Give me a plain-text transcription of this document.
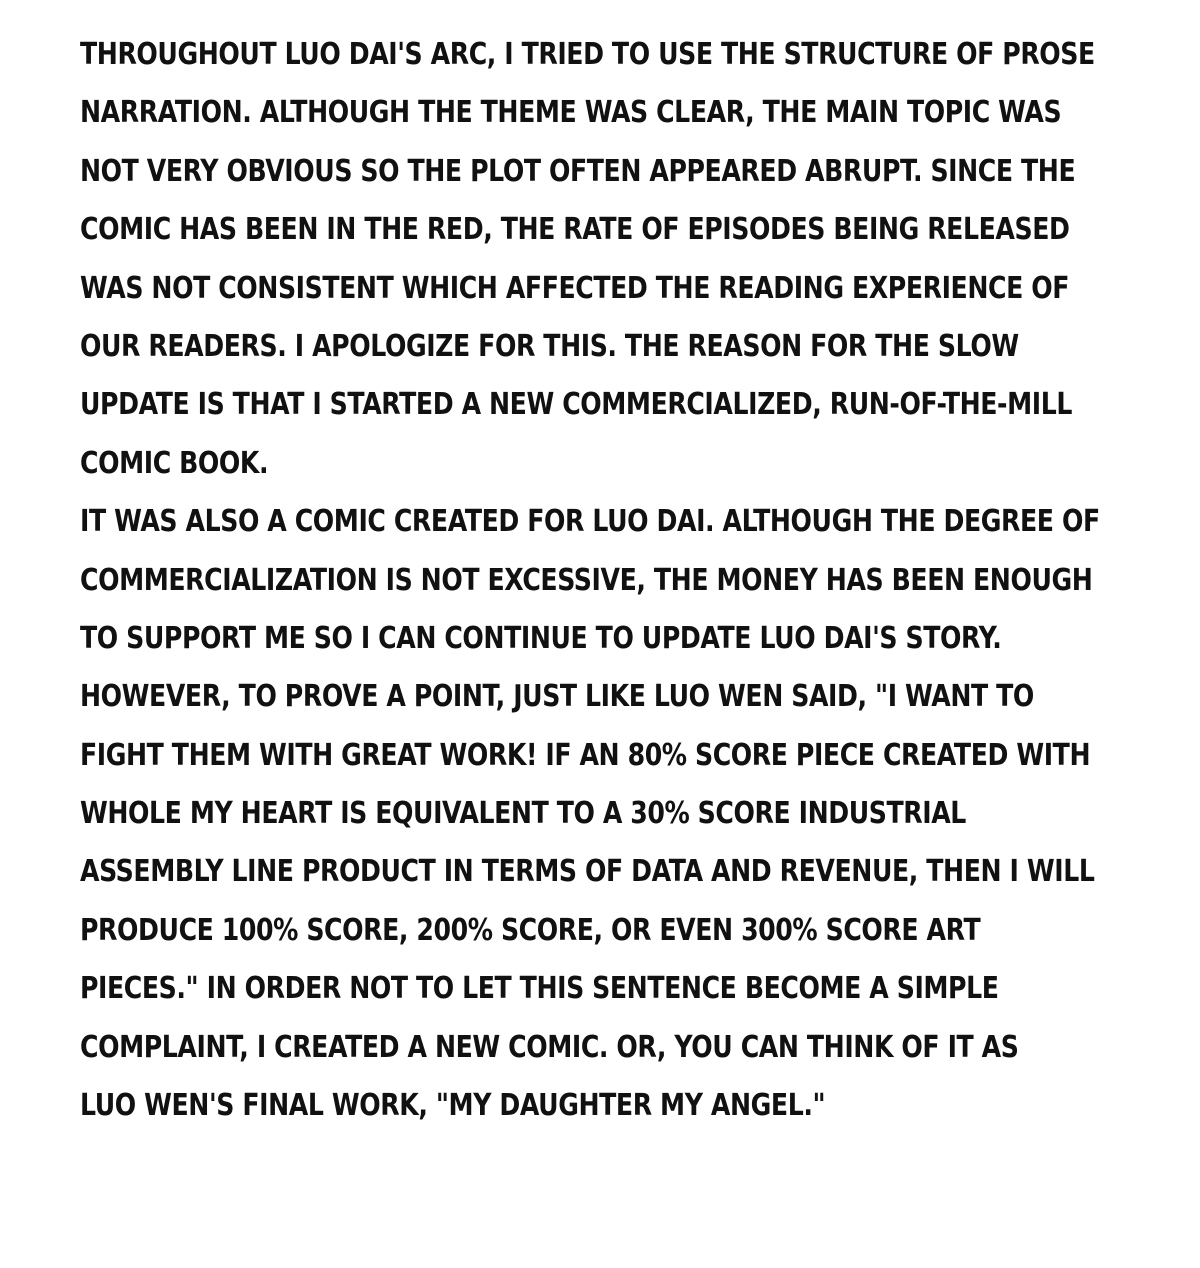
THROUGHOUT LUO DAI'S ARC, I TRIED TO USE THE STRUCTURE OF PROSE
NARRATION. ALTHOUGH THE THEME WAS CLEAR, THE MAIN TOPIC WAS
NOT VERY OBVIOUS SO THE PLOT OFTEN APPEARED ABRUPT. SINCE THE
COMIC HAS BEEN IN THE RED, THE RATE OF EPISODES BEING RELEASED
WAS NOT CONSISTENT WHICH AFFECTED THE READING EXPERIENCE OF
OUR READERS. I APOLOGIZE FOR THIS. THE REASON FOR THE SLOW
UPDATE IS THAT I STARTED A NEW COMMERCIALIZED, RUN-OF-THE-MILL
COMIC BOOK.
IT WAS ALSO A COMIC CREATED FOR LUO DAI. ALTHOUGH THE DEGREE OF
COMMERCIALIZATION IS NOT EXCESSIVE, THE MONEY HAS BEEN ENOUGH
TO SUPPORT ME SO I CAN CONTINUE TO UPDATE LUO DAI'S STORY.
HOWEVER, TO PROVE A POINT, JUST LIKE LUO WEN SAID, "I WANT TO
FIGHT THEM WITH GREAT WORK! IF AN 80% SCORE PIECE CREATED WITH
WHOLE MY HEART IS EQUIVALENT TO A 30% SCORE INDUSTRIAL
ASSEMBLY LINE PRODUCT IN TERMS OF DATA AND REVENUE, THEN I WILL
PRODUCE 100% SCORE, 200% SCORE, OR EVEN 300% SCORE ART
PIECES." IN ORDER NOT TO LET THIS SENTENCE BECOME A SIMPLE
COMPLAINT, I CREATED A NEW COMIC. OR, YOU CAN THINK OF IT AS
LUO WEN'S FINAL WORK, "MY DAUGHTER MY ANGEL."
